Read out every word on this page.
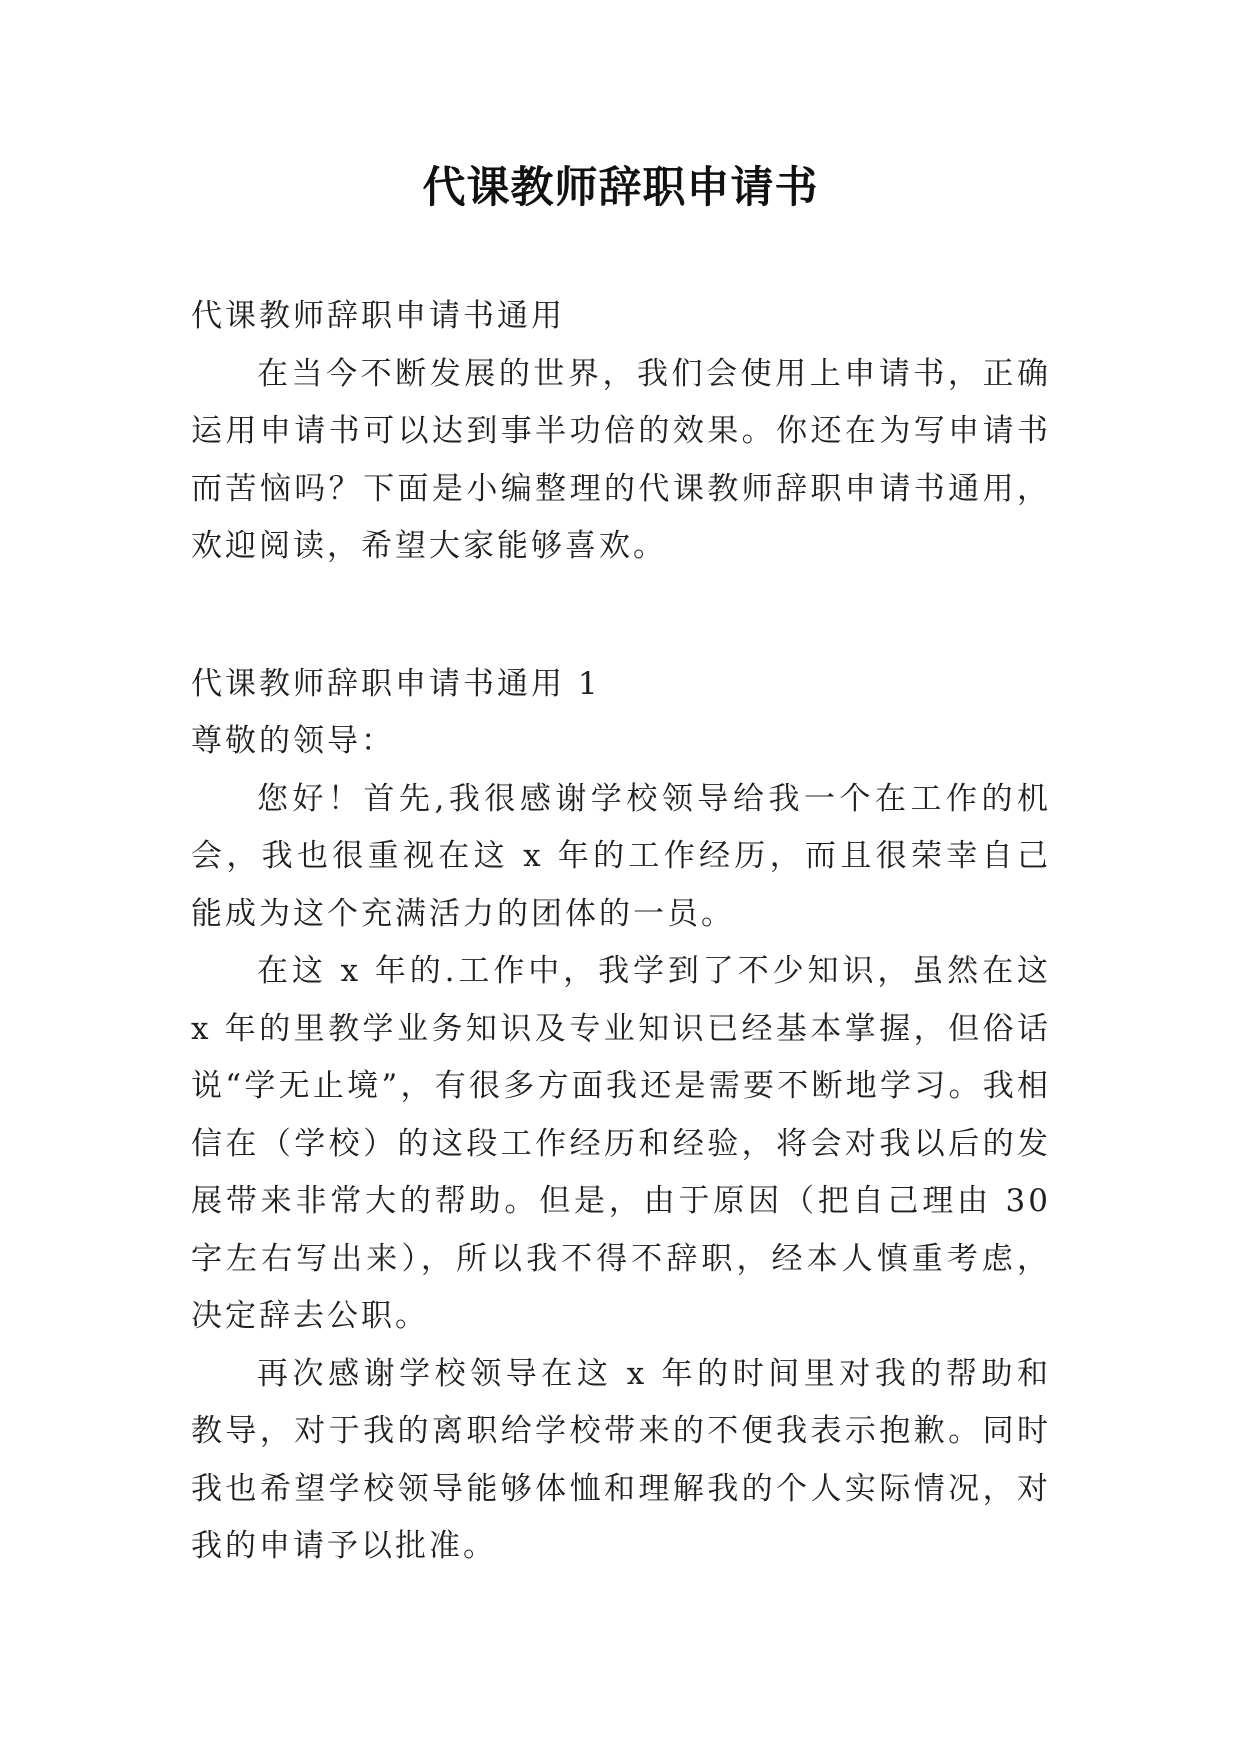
代课教师辞职申请书

代课教师辞职申请书通用

在当今不断发展的世界，我们会使用上申请书，正确运用申请书可以达到事半功倍的效果。你还在为写申请书而苦恼吗？下面是小编整理的代课教师辞职申请书通用，欢迎阅读，希望大家能够喜欢。

代课教师辞职申请书通用 1

尊敬的领导：

您好！首先,我很感谢学校领导给我一个在工作的机会，我也很重视在这 x 年的工作经历，而且很荣幸自己能成为这个充满活力的团体的一员。

在这 x 年的.工作中，我学到了不少知识，虽然在这 x 年的里教学业务知识及专业知识已经基本掌握，但俗话说“学无止境”，有很多方面我还是需要不断地学习。我相信在（学校）的这段工作经历和经验，将会对我以后的发展带来非常大的帮助。但是，由于原因（把自己理由 30 字左右写出来），所以我不得不辞职，经本人慎重考虑，决定辞去公职。

再次感谢学校领导在这 x 年的时间里对我的帮助和教导，对于我的离职给学校带来的不便我表示抱歉。同时我也希望学校领导能够体恤和理解我的个人实际情况，对我的申请予以批准。
